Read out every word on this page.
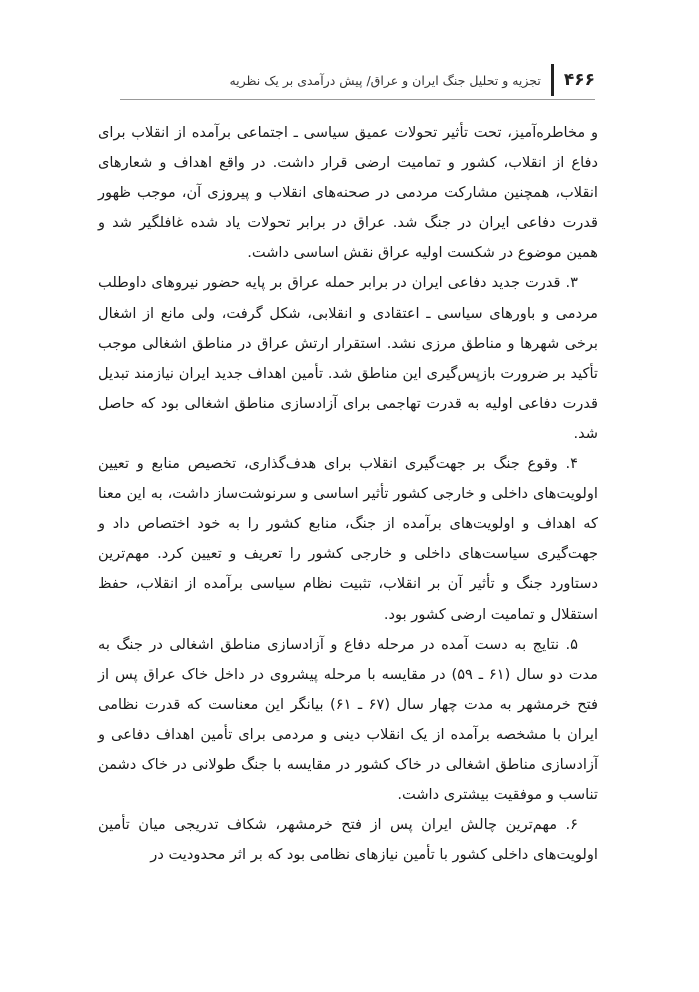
۴۶۶
تجزیه و تحلیل جنگ ایران و عراق/ پیش درآمدی بر یک نظریه

و مخاطره‌آمیز، تحت تأثیر تحولات عمیق سیاسی ـ اجتماعی برآمده از انقلاب برای دفاع از انقلاب، کشور و تمامیت ارضی قرار داشت. در واقع اهداف و شعارهای انقلاب، همچنین مشارکت مردمی در صحنه‌های انقلاب و پیروزی آن، موجب ظهور قدرت دفاعی ایران در جنگ شد. عراق در برابر تحولات یاد شده غافلگیر شد و همین موضوع در شکست اولیه عراق نقش اساسی داشت.

۳. قدرت جدید دفاعی ایران در برابر حمله عراق بر پایه حضور نیروهای داوطلب مردمی و باورهای سیاسی ـ اعتقادی و انقلابی، شکل گرفت، ولی مانع از اشغال برخی شهرها و مناطق مرزی نشد. استقرار ارتش عراق در مناطق اشغالی موجب تأکید بر ضرورت بازپس‌گیری این مناطق شد. تأمین اهداف جدید ایران نیازمند تبدیل قدرت دفاعی اولیه به قدرت تهاجمی برای آزادسازی مناطق اشغالی بود که حاصل شد.

۴. وقوع جنگ بر جهت‌گیری انقلاب برای هدف‌گذاری، تخصیص منابع و تعیین اولویت‌های داخلی و خارجی کشور تأثیر اساسی و سرنوشت‌ساز داشت، به این معنا که اهداف و اولویت‌های برآمده از جنگ، منابع کشور را به خود اختصاص داد و جهت‌گیری سیاست‌های داخلی و خارجی کشور را تعریف و تعیین کرد. مهم‌ترین دستاورد جنگ و تأثیر آن بر انقلاب، تثبیت نظام سیاسی برآمده از انقلاب، حفظ استقلال و تمامیت ارضی کشور بود.

۵. نتایج به دست آمده در مرحله دفاع و آزادسازی مناطق اشغالی در جنگ به مدت دو سال (۶۱ ـ ۵۹) در مقایسه با مرحله پیشروی در داخل خاک عراق پس از فتح خرمشهر به مدت چهار سال (۶۷ ـ ۶۱) بیانگر این معناست که قدرت نظامی ایران با مشخصه برآمده از یک انقلاب دینی و مردمی برای تأمین اهداف دفاعی و آزادسازی مناطق اشغالی در خاک کشور در مقایسه با جنگ طولانی در خاک دشمن تناسب و موفقیت بیشتری داشت.

۶. مهم‌ترین چالش ایران پس از فتح خرمشهر، شکاف تدریجی میان تأمین اولویت‌های داخلی کشور با تأمین نیازهای نظامی بود که بر اثر محدودیت در
